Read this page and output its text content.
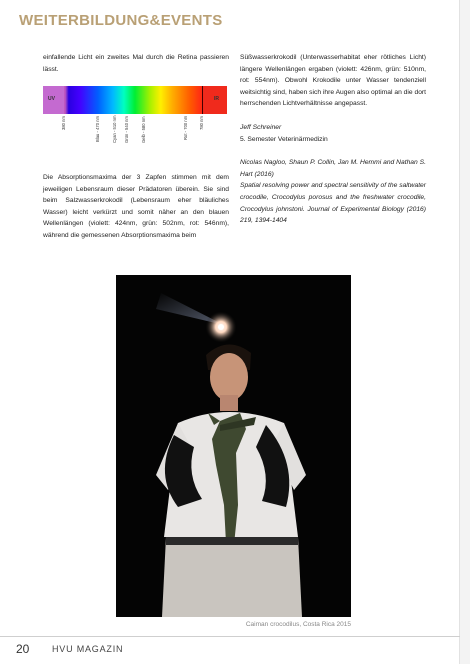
WEITERBILDUNG&EVENTS

einfallende Licht ein zweites Mal durch die Retina passieren lässt.

UV	IR
380 nm	Blau - 470 nm	Cyan - 510 nm Grün - 540 nm	Gelb - 580 nm	Rot - 700 nm	780 nm

Die Absorptionsmaxima der 3 Zapfen stimmen mit dem jeweiligen Lebensraum dieser Prädatoren überein. Sie sind beim Salzwasserkrokodil (Lebensraum eher bläuliches Wasser) leicht verkürzt und somit näher an den blauen Wellenlängen (violett: 424nm, grün: 502nm, rot: 546nm), während die gemessenen Absorptionsmaxima beim

Süßwasserkrokodil (Unterwasserhabitat eher rötliches Licht) längere Wellenlängen ergaben (violett: 426nm, grün: 510nm, rot: 554nm). Obwohl Krokodile unter Wasser tendenziell weitsichtig sind, haben sich ihre Augen also optimal an die dort herrschenden Lichtverhältnisse angepasst.

Jeff Schreiner

5. Semester Veterinärmedizin

Nicolas Nagloo, Shaun P. Collin, Jan M. Hemmi and Nathan S. Hart (2016)

Spatial resolving power and spectral sensitivity of the saltwater crocodile, Crocodylus porosus and the freshwater crocodile, Crocodylus johnstoni. Journal of Experimental Biology (2016) 219, 1394-1404

Caiman crocodilus, Costa Rica 2015

20	HVU MAGAZIN
